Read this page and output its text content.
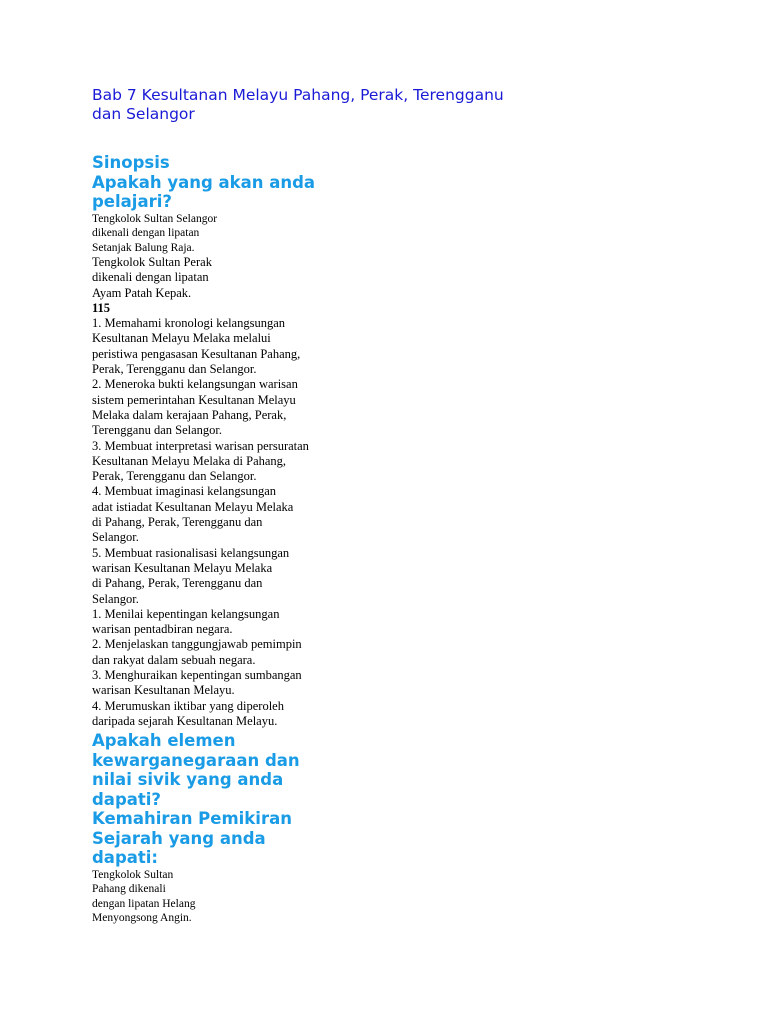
Bab 7 Kesultanan Melayu Pahang, Perak, Terengganu dan Selangor

Sinopsis

Apakah yang akan anda
pelajari?

Tengkolok Sultan Selangor
dikenali dengan lipatan
Setanjak Balung Raja.

Tengkolok Sultan Perak
dikenali dengan lipatan
Ayam Patah Kepak.

115

1. Memahami kronologi kelangsungan
Kesultanan Melayu Melaka melalui
peristiwa pengasasan Kesultanan Pahang,
Perak, Terengganu dan Selangor.
2. Meneroka bukti kelangsungan warisan
sistem pemerintahan Kesultanan Melayu
Melaka dalam kerajaan Pahang, Perak,
Terengganu dan Selangor.
3. Membuat interpretasi warisan persuratan
Kesultanan Melayu Melaka di Pahang,
Perak, Terengganu dan Selangor.
4. Membuat imaginasi kelangsungan
adat istiadat Kesultanan Melayu Melaka
di Pahang, Perak, Terengganu dan
Selangor.
5. Membuat rasionalisasi kelangsungan
warisan Kesultanan Melayu Melaka
di Pahang, Perak, Terengganu dan
Selangor.
1. Menilai kepentingan kelangsungan
warisan pentadbiran negara.
2. Menjelaskan tanggungjawab pemimpin
dan rakyat dalam sebuah negara.
3. Menghuraikan kepentingan sumbangan
warisan Kesultanan Melayu.
4. Merumuskan iktibar yang diperoleh
daripada sejarah Kesultanan Melayu.

Apakah elemen
kewarganegaraan dan
nilai sivik yang anda
dapati?

Kemahiran Pemikiran
Sejarah yang anda
dapati:

Tengkolok Sultan
Pahang dikenali
dengan lipatan Helang
Menyongsong Angin.
